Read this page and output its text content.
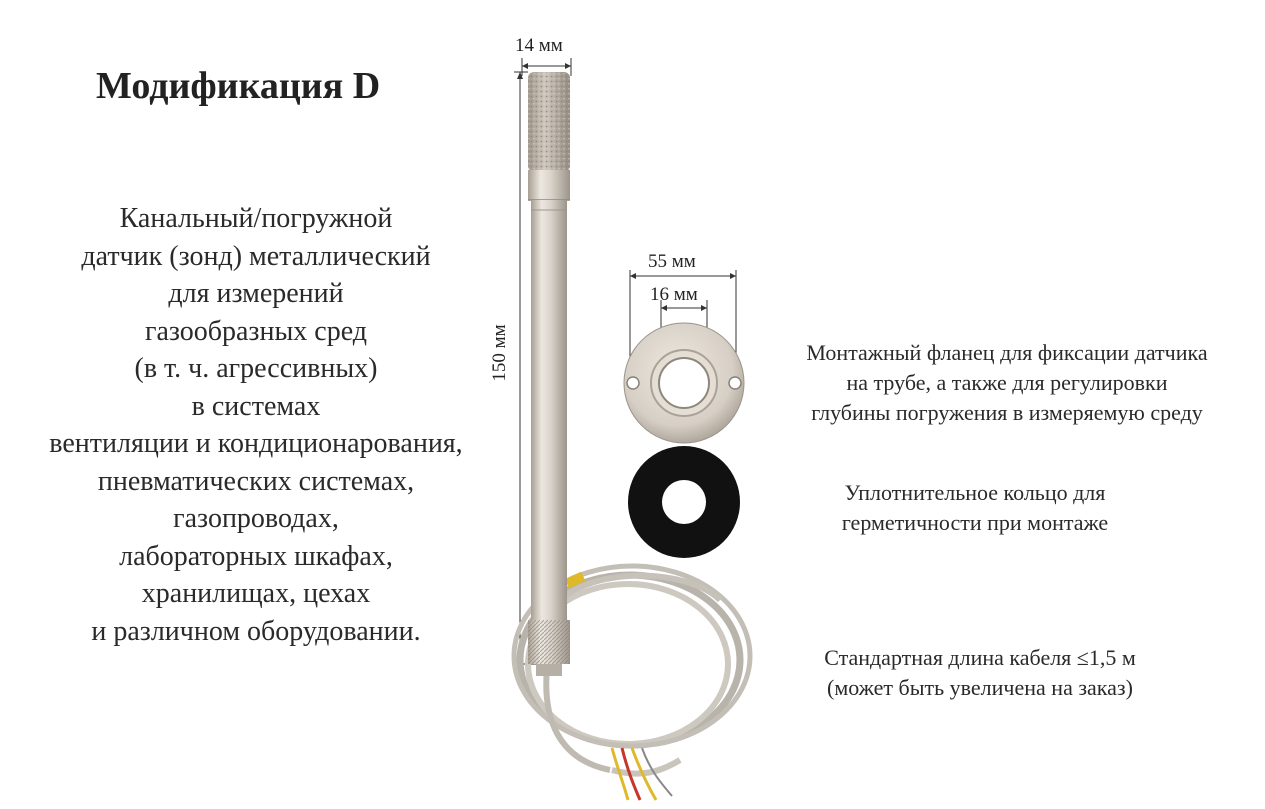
Модификация D
Канальный/погружной
датчик (зонд) металлический
для измерений
газообразных сред
(в т. ч. агрессивных)
в системах
вентиляции и кондиционарования,
пневматических системах,
газопроводах,
лабораторных шкафах,
хранилищах, цехах
и различном оборудовании.
14 мм
150 мм
55 мм
16 мм
Монтажный фланец для фиксации датчика
на трубе, а также для регулировки
глубины погружения в измеряемую среду
Уплотнительное кольцо для
герметичности при монтаже
Стандартная длина кабеля ≤1,5 м
(может быть увеличена на заказ)
